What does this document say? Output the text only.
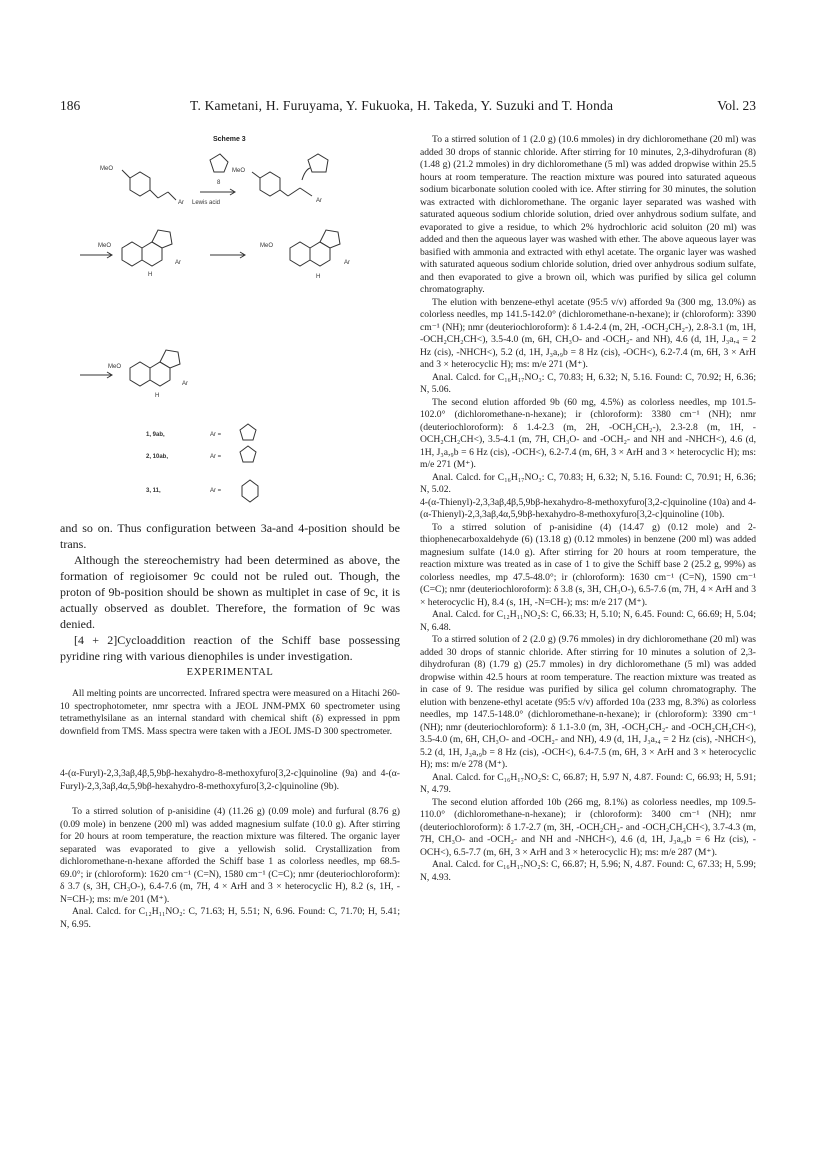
186	T. Kametani, H. Furuyama, Y. Fukuoka, H. Takeda, Y. Suzuki and T. Honda	Vol. 23
Scheme 3
MeO
Ar Lewis acid
8
MeO
Ar
MeO
Ar
H
MeO
Ar
H
MeO
Ar
H
1, 9ab,	Ar =
2, 10ab,	Ar =
3, 11,	Ar =

and so on. Thus configuration between 3a-and 4-position should be trans.

Although the stereochemistry had been determined as above, the formation of regioisomer 9c could not be ruled out. Though, the proton of 9b-position should be shown as multiplet in case of 9c, it is actually observed as doublet. Therefore, the formation of 9c was denied.

[4 + 2]Cycloaddition reaction of the Schiff base possessing pyridine ring with various dienophiles is under investigation.

EXPERIMENTAL

All melting points are uncorrected. Infrared spectra were measured on a Hitachi 260-10 spectrophotometer, nmr spectra with a JEOL JNM-PMX 60 spectrometer using tetramethylsilane as an internal standard with chemical shift (δ) expressed in ppm downfield from TMS. Mass spectra were taken with a JEOL JMS-D 300 spectrometer.

4-(α-Furyl)-2,3,3aβ,4β,5,9bβ-hexahydro-8-methoxyfuro[3,2-c]quinoline (9a) and 4-(α-Furyl)-2,3,3aβ,4α,5,9bβ-hexahydro-8-methoxyfuro[3,2-c]quinoline (9b).

To a stirred solution of p-anisidine (4) (11.26 g) (0.09 mole) and furfural (8.76 g) (0.09 mole) in benzene (200 ml) was added magnesium sulfate (10.0 g). After stirring for 20 hours at room temperature, the reaction mixture was filtered. The organic layer separated was evaporated to give a yellowish solid. Crystallization from dichloromethane-n-hexane afforded the Schiff base 1 as colorless needles, mp 68.5-69.0°; ir (chloroform): 1620 cm⁻¹ (C=N), 1580 cm⁻¹ (C=C); nmr (deuteriochloroform): δ 3.7 (s, 3H, CH₃O-), 6.4-7.6 (m, 7H, 4 × ArH and 3 × heterocyclic H), 8.2 (s, 1H, -N=CH-); ms: m/e 201 (M⁺).

Anal. Calcd. for C₁₂H₁₁NO₂: C, 71.63; H, 5.51; N, 6.96. Found: C, 71.70; H, 5.41; N, 6.95.

To a stirred solution of 1 (2.0 g) (10.6 mmoles) in dry dichloromethane (20 ml) was added 30 drops of stannic chloride. After stirring for 10 minutes, 2,3-dihydrofuran (8) (1.48 g) (21.2 mmoles) in dry dichloromethane (5 ml) was added dropwise within 25.5 hours at room temperature. The reaction mixture was poured into saturated aqueous sodium bicarbonate solution cooled with ice. After stirring for 30 minutes, the solution was extracted with dichloromethane. The organic layer separated was washed with saturated aqueous sodium chloride solution, dried over anhydrous sodium sulfate, and evaporated to give a residue, to which 2% hydrochloric acid soluiton (20 ml) was added and then the aqueous layer was washed with ether. The above aqueous layer was basified with ammonia and extracted with ethyl acetate. The organic layer was washed with saturated aqueous sodium chloride solution, dried over anhydrous sodium sulfate, and then evaporated to give a brown oil, which was purified by silica gel column chromatography.

The elution with benzene-ethyl acetate (95:5 v/v) afforded 9a (300 mg, 13.0%) as colorless needles, mp 141.5-142.0° (dichloromethane-n-hexane); ir (chloroform): 3390 cm⁻¹ (NH); nmr (deuteriochloroform): δ 1.4-2.4 (m, 2H, -OCH₂CH₂-), 2.8-3.1 (m, 1H, -OCH₂CH₂CH<), 3.5-4.0 (m, 6H, CH₃O- and -OCH₂- and NH), 4.6 (d, 1H, J₃a,₄ = 2 Hz (cis), -NHCH<), 5.2 (d, 1H, J₃a,₉b = 8 Hz (cis), -OCH<), 6.2-7.4 (m, 6H, 3 × ArH and 3 × heterocyclic H); ms: m/e 271 (M⁺).

Anal. Calcd. for C₁₆H₁₇NO₃: C, 70.83; H, 6.32; N, 5.16. Found: C, 70.92; H, 6.36; N, 5.06.

The second elution afforded 9b (60 mg, 4.5%) as colorless needles, mp 101.5-102.0° (dichloromethane-n-hexane); ir (chloroform): 3380 cm⁻¹ (NH); nmr (deuteriochloroform): δ 1.4-2.3 (m, 2H, -OCH₂CH₂-), 2.3-2.8 (m, 1H, -OCH₂CH₂CH<), 3.5-4.1 (m, 7H, CH₃O- and -OCH₂- and NH and -NHCH<), 4.6 (d, 1H, J₃a,₉b = 6 Hz (cis), -OCH<), 6.2-7.4 (m, 6H, 3 × ArH and 3 × heterocyclic H); ms: m/e 271 (M⁺).

Anal. Calcd. for C₁₆H₁₇NO₃: C, 70.83; H, 6.32; N, 5.16. Found: C, 70.91; H, 6.36; N, 5.02.

4-(α-Thienyl)-2,3,3aβ,4β,5,9bβ-hexahydro-8-methoxyfuro[3,2-c]quinoline (10a) and 4-(α-Thienyl)-2,3,3aβ,4α,5,9bβ-hexahydro-8-methoxyfuro[3,2-c]quinoline (10b).

To a stirred solution of p-anisidine (4) (14.47 g) (0.12 mole) and 2-thiophenecarboxaldehyde (6) (13.18 g) (0.12 mmoles) in benzene (200 ml) was added magnesium sulfate (14.0 g). After stirring for 20 hours at room temperature, the reaction mixture was treated as in case of 1 to give the Schiff base 2 (25.2 g, 99%) as colorless needles, mp 47.5-48.0°; ir (chloroform): 1630 cm⁻¹ (C=N), 1590 cm⁻¹ (C=C); nmr (deuteriochloroform): δ 3.8 (s, 3H, CH₃O-), 6.5-7.6 (m, 7H, 4 × ArH and 3 × heterocyclic H), 8.4 (s, 1H, -N=CH-); ms: m/e 217 (M⁺).

Anal. Calcd. for C₁₂H₁₁NO₂S: C, 66.33; H, 5.10; N, 6.45. Found: C, 66.69; H, 5.04; N, 6.48.

To a stirred solution of 2 (2.0 g) (9.76 mmoles) in dry dichloromethane (20 ml) was added 30 drops of stannic chloride. After stirring for 10 minutes a solution of 2,3-dihydrofuran (8) (1.79 g) (25.7 mmoles) in dry dichloromethane (5 ml) was added dropwise within 42.5 hours at room temperature. The reaction mixture was treated as in case of 9. The residue was purified by silica gel column chromatography. The elution with benzene-ethyl acetate (95:5 v/v) afforded 10a (233 mg, 8.3%) as colorless needles, mp 147.5-148.0° (dichloromethane-n-hexane); ir (chloroform): 3390 cm⁻¹ (NH); nmr (deuteriochloroform): δ 1.1-3.0 (m, 3H, -OCH₂CH₂- and -OCH₂CH₂CH<), 3.5-4.0 (m, 6H, CH₃O- and -OCH₂- and NH), 4.9 (d, 1H, J₃a,₄ = 2 Hz (cis), -NHCH<), 5.2 (d, 1H, J₃a,₉b = 8 Hz (cis), -OCH<), 6.4-7.5 (m, 6H, 3 × ArH and 3 × heterocyclic H); ms: m/e 278 (M⁺).

Anal. Calcd. for C₁₆H₁₇NO₂S: C, 66.87; H, 5.97 N, 4.87. Found: C, 66.93; H, 5.91; N, 4.79.

The second elution afforded 10b (266 mg, 8.1%) as colorless needles, mp 109.5-110.0° (dichloromethane-n-hexane); ir (chloroform): 3400 cm⁻¹ (NH); nmr (deuteriochloroform): δ 1.7-2.7 (m, 3H, -OCH₂CH₂- and -OCH₂CH₂CH<), 3.7-4.3 (m, 7H, CH₃O- and -OCH₂- and NH and -NHCH<), 4.6 (d, 1H, J₃a,₉b = 6 Hz (cis), -OCH<), 6.5-7.7 (m, 6H, 3 × ArH and 3 × heterocyclic H); ms: m/e 287 (M⁺).

Anal. Calcd. for C₁₆H₁₇NO₂S: C, 66.87; H, 5.96; N, 4.87. Found: C, 67.33; H, 5.99; N, 4.93.
